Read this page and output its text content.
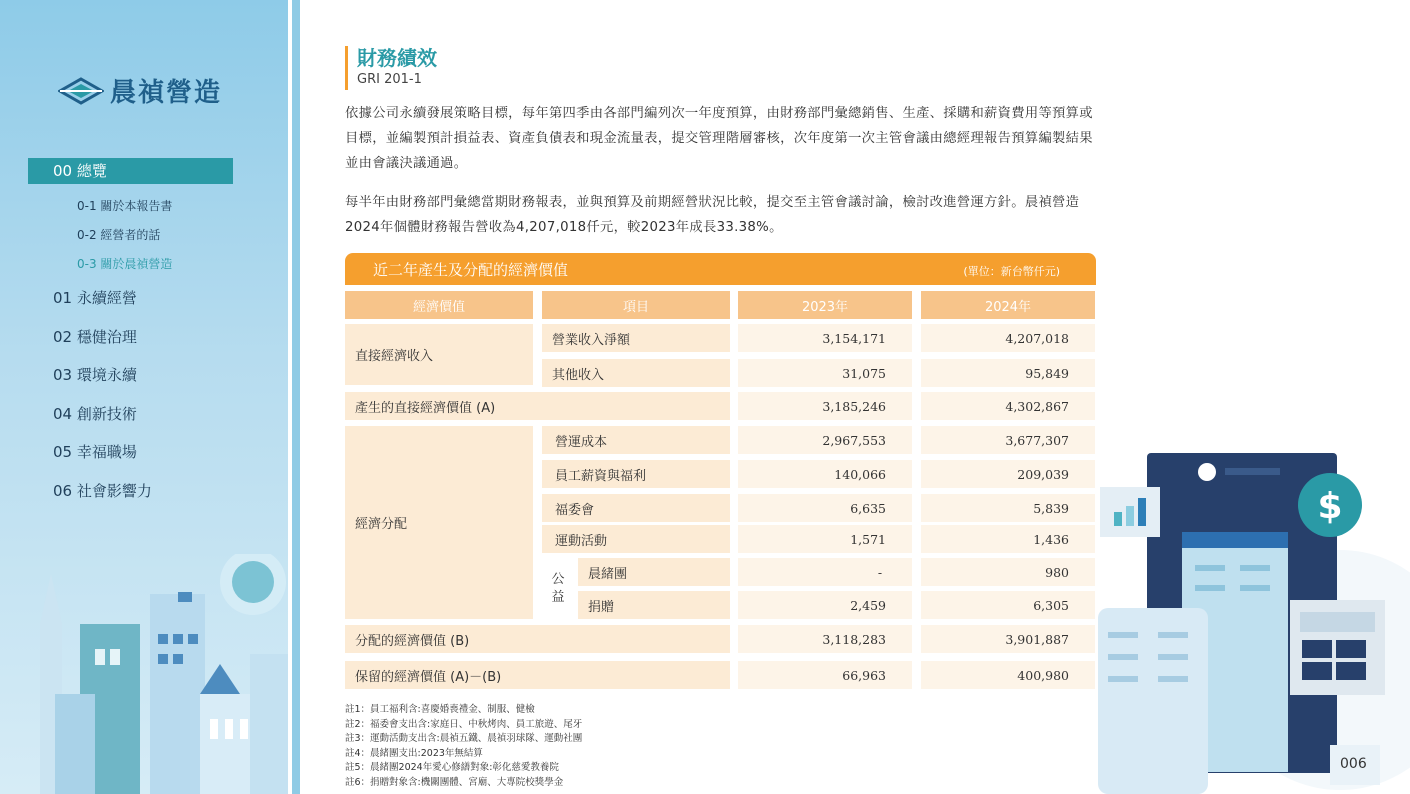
晨禎營造
00 總覽
0-1 關於本報告書
0-2 經營者的話
0-3 關於晨禎營造
01 永續經營
02 穩健治理
03 環境永續
04 創新技術
05 幸福職場
06 社會影響力
財務績效
GRI 201-1
依據公司永續發展策略目標，每年第四季由各部門編列次一年度預算，由財務部門彙總銷售、生產、採購和薪資費用等預算或目標，並編製預計損益表、資產負債表和現金流量表，提交管理階層審核，次年度第一次主管會議由總經理報告預算編製結果並由會議決議通過。
每半年由財務部門彙總當期財務報表，並與預算及前期經營狀況比較，提交至主管會議討論，檢討改進營運方針。晨禎營造2024年個體財務報告營收為4,207,018仟元，較2023年成長33.38%。
近二年產生及分配的經濟價值	(單位：新台幣仟元)
經濟價值	項目	2023年	2024年
直接經濟收入
營業收入淨額	3,154,171	4,207,018
其他收入	31,075	95,849
產生的直接經濟價值 (A)	3,185,246	4,302,867
經濟分配
營運成本	2,967,553	3,677,307
員工薪資與福利	140,066	209,039
福委會	6,635	5,839
運動活動	1,571	1,436
公
益
晨緒團	-	980
捐贈	2,459	6,305
分配的經濟價值 (B)	3,118,283	3,901,887
保留的經濟價值 (A)－(B)	66,963	400,980
註1：員工福利含:喜慶婚喪禮金、制服、健檢
註2：福委會支出含:家庭日、中秋烤肉、員工旅遊、尾牙
註3：運動活動支出含:晨禎五鐵、晨禎羽球隊、運動社團
註4：晨緒團支出:2023年無結算
註5：晨緒團2024年愛心修繕對象:彰化慈愛教養院
註6：捐贈對象含:機關團體、宮廟、大專院校獎學金
$
006
